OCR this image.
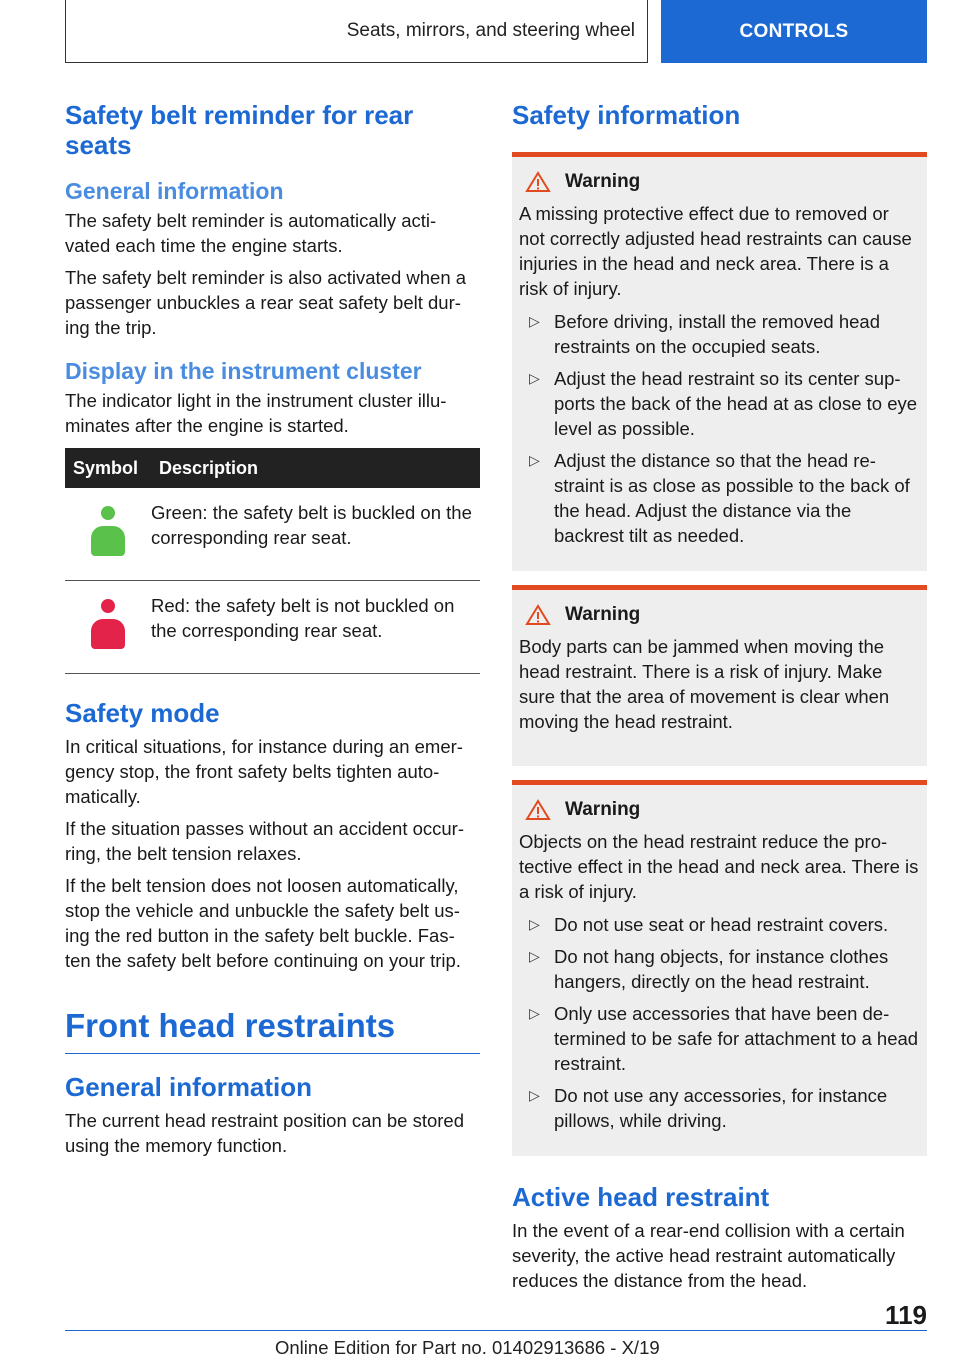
Seats, mirrors, and steering wheel	CONTROLS
Safety belt reminder for rear seats
General information

The safety belt reminder is automatically acti-vated each time the engine starts.

The safety belt reminder is also activated when a passenger unbuckles a rear seat safety belt dur-ing the trip.

Display in the instrument cluster

The indicator light in the instrument cluster illu-minates after the engine is started.

Symbol	Description

	Green: the safety belt is buckled on the corresponding rear seat.

	Red: the safety belt is not buckled on the corresponding rear seat.
Safety mode

In critical situations, for instance during an emer-gency stop, the front safety belts tighten auto-matically.

If the situation passes without an accident occur-ring, the belt tension relaxes.

If the belt tension does not loosen automatically, stop the vehicle and unbuckle the safety belt us-ing the red button in the safety belt buckle. Fas-ten the safety belt before continuing on your trip.

Front head restraints
General information

The current head restraint position can be stored using the memory function.

Safety information
Warning

A missing protective effect due to removed or not correctly adjusted head restraints can cause injuries in the head and neck area. There is a risk of injury.

▷ Before driving, install the removed head restraints on the occupied seats.
▷ Adjust the head restraint so its center sup-ports the back of the head at as close to eye level as possible.
▷ Adjust the distance so that the head re-straint is as close as possible to the back of the head. Adjust the distance via the backrest tilt as needed.
Warning

Body parts can be jammed when moving the head restraint. There is a risk of injury. Make sure that the area of movement is clear when moving the head restraint.

Warning

Objects on the head restraint reduce the pro-tective effect in the head and neck area. There is a risk of injury.

▷ Do not use seat or head restraint covers.
▷ Do not hang objects, for instance clothes hangers, directly on the head restraint.
▷ Only use accessories that have been de-termined to be safe for attachment to a head restraint.
▷ Do not use any accessories, for instance pillows, while driving.
Active head restraint

In the event of a rear-end collision with a certain severity, the active head restraint automatically reduces the distance from the head.

119
Online Edition for Part no. 01402913686 - X/19
